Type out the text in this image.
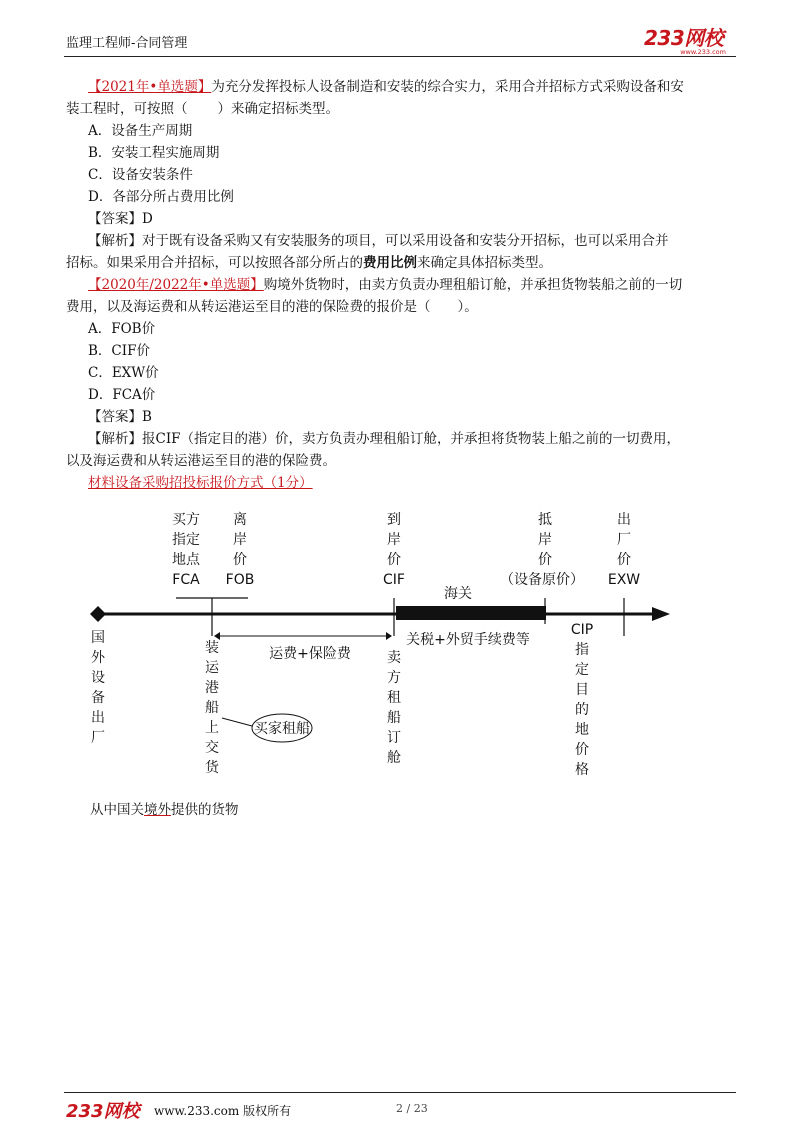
监理工程师-合同管理	233网校
www.233.com
【2021年•单选题】为充分发挥投标人设备制造和安装的综合实力，采用合并招标方式采购设备和安
装工程时，可按照（ ）来确定招标类型。
A．设备生产周期
B．安装工程实施周期
C．设备安装条件
D．各部分所占费用比例
【答案】D
【解析】对于既有设备采购又有安装服务的项目，可以采用设备和安装分开招标，也可以采用合并
招标。如果采用合并招标，可以按照各部分所占的费用比例来确定具体招标类型。
【2020年/2022年•单选题】购境外货物时，由卖方负责办理租船订舱，并承担货物装船之前的一切
费用，以及海运费和从转运港运至目的港的保险费的报价是（　　）。
A．FOB价
B．CIF价
C．EXW价
D．FCA价
【答案】B
【解析】报CIF（指定目的港）价，卖方负责办理租船订舱，并承担将货物装上船之前的一切费用，
以及海运费和从转运港运至目的港的保险费。
材料设备采购招投标报价方式（1分）
买方
指定
地点
FCA
离
岸
价
FOB
到
岸
价
CIF
海关
抵
岸
价
（设备原价）
出
厂
价
EXW
国
外
设
备
出
厂
装
运
港
船
上
交
货
运费+保险费
买家租船
卖
方
租
船
订
舱
关税+外贸手续费等
CIP
指
定
目
的
地
价
格
从中国关境外提供的货物
233网校 www.233.com 版权所有	2 / 23
